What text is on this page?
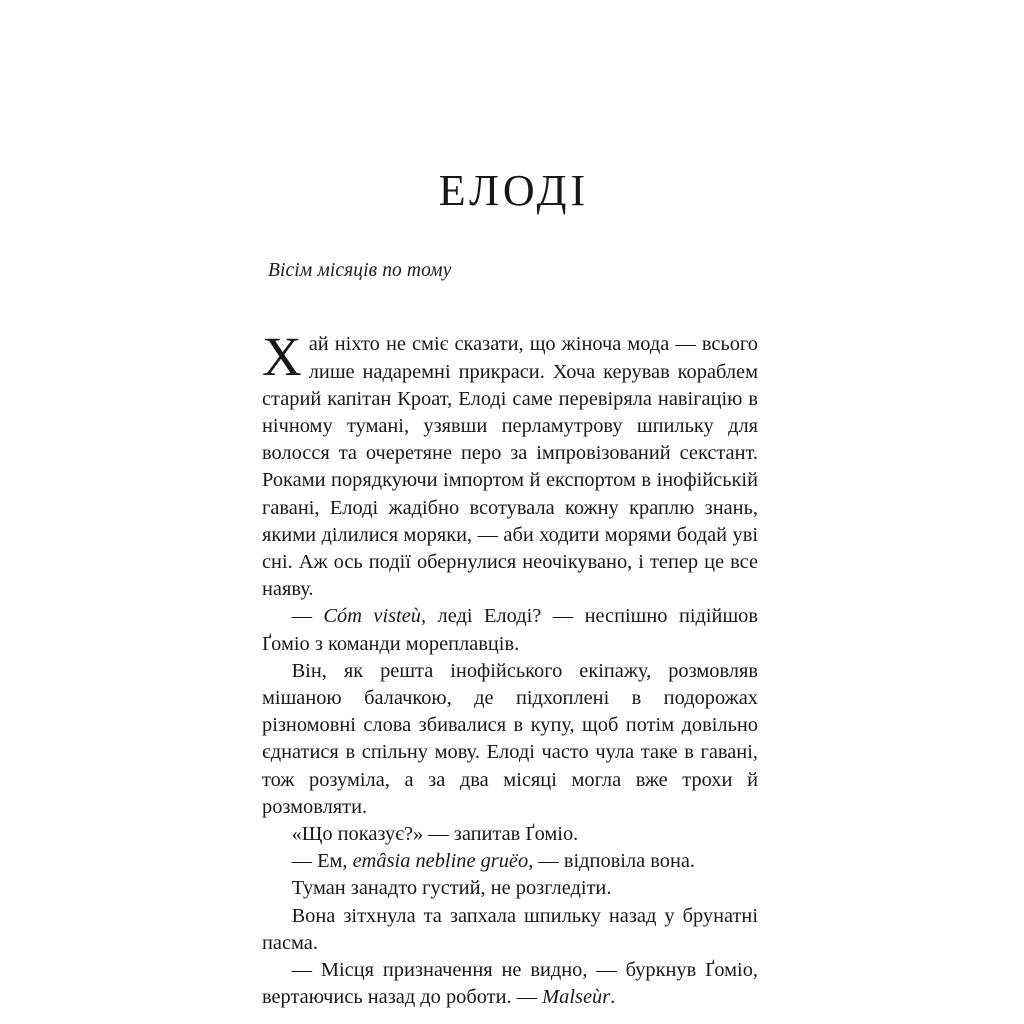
ЕЛОДІ

Вісім місяців по тому

Хай ніхто не сміє сказати, що жіноча мода — всього лише надаремні прикраси. Хоча керував кораблем старий капітан Кроат, Елоді саме перевіряла навігацію в нічному тумані, узявши перламутрову шпильку для волосся та очеретяне перо за імпровізований секстант. Роками порядкуючи імпортом й експортом в інофійській гавані, Елоді жадібно всотувала кожну краплю знань, якими ділилися моряки, — аби ходити морями бодай уві сні. Аж ось події обернулися неочікувано, і тепер це все наяву.

— Cóm visteù, леді Елоді? — неспішно підійшов Ґоміо з команди мореплавців.

Він, як решта інофійського екіпажу, розмовляв мішаною балачкою, де підхоплені в подорожах різномовні слова збивалися в купу, щоб потім довільно єднатися в спільну мову. Елоді часто чула таке в гавані, тож розуміла, а за два місяці могла вже трохи й розмовляти.

«Що показує?» — запитав Ґоміо.

— Ем, emâsia nebline gruëo, — відповіла вона.

Туман занадто густий, не розгледіти.

Вона зітхнула та запхала шпильку назад у брунатні пасма.

— Місця призначення не видно, — буркнув Ґоміо, вертаючись назад до роботи. — Malseùr.
